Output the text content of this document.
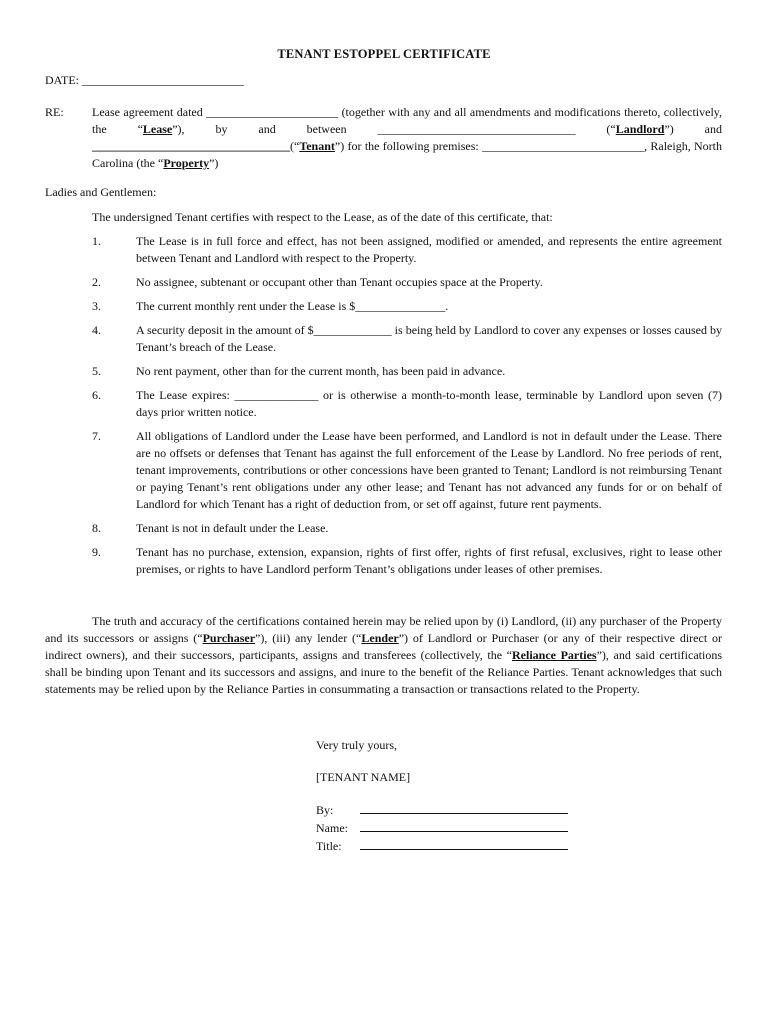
TENANT ESTOPPEL CERTIFICATE
DATE: ___________________________
RE: Lease agreement dated ______________________ (together with any and all amendments and modifications thereto, collectively, the “Lease”), by and between _________________________________ (“Landlord”) and _________________________________(“Tenant”) for the following premises: ___________________________, Raleigh, North Carolina (the “Property”)
Ladies and Gentlemen:
The undersigned Tenant certifies with respect to the Lease, as of the date of this certificate, that:
1.	The Lease is in full force and effect, has not been assigned, modified or amended, and represents the entire agreement between Tenant and Landlord with respect to the Property.
2.	No assignee, subtenant or occupant other than Tenant occupies space at the Property.
3.	The current monthly rent under the Lease is $_______________.
4.	A security deposit in the amount of $_____________ is being held by Landlord to cover any expenses or losses caused by Tenant’s breach of the Lease.
5.	No rent payment, other than for the current month, has been paid in advance.
6.	The Lease expires: ______________ or is otherwise a month-to-month lease, terminable by Landlord upon seven (7) days prior written notice.
7.	All obligations of Landlord under the Lease have been performed, and Landlord is not in default under the Lease. There are no offsets or defenses that Tenant has against the full enforcement of the Lease by Landlord. No free periods of rent, tenant improvements, contributions or other concessions have been granted to Tenant; Landlord is not reimbursing Tenant or paying Tenant’s rent obligations under any other lease; and Tenant has not advanced any funds for or on behalf of Landlord for which Tenant has a right of deduction from, or set off against, future rent payments.
8.	Tenant is not in default under the Lease.
9.	Tenant has no purchase, extension, expansion, rights of first offer, rights of first refusal, exclusives, right to lease other premises, or rights to have Landlord perform Tenant’s obligations under leases of other premises.
The truth and accuracy of the certifications contained herein may be relied upon by (i) Landlord, (ii) any purchaser of the Property and its successors or assigns (“Purchaser”), (iii) any lender (“Lender”) of Landlord or Purchaser (or any of their respective direct or indirect owners), and their successors, participants, assigns and transferees (collectively, the “Reliance Parties”), and said certifications shall be binding upon Tenant and its successors and assigns, and inure to the benefit of the Reliance Parties. Tenant acknowledges that such statements may be relied upon by the Reliance Parties in consummating a transaction or transactions related to the Property.
Very truly yours,
[TENANT NAME]
By:
Name:
Title:
